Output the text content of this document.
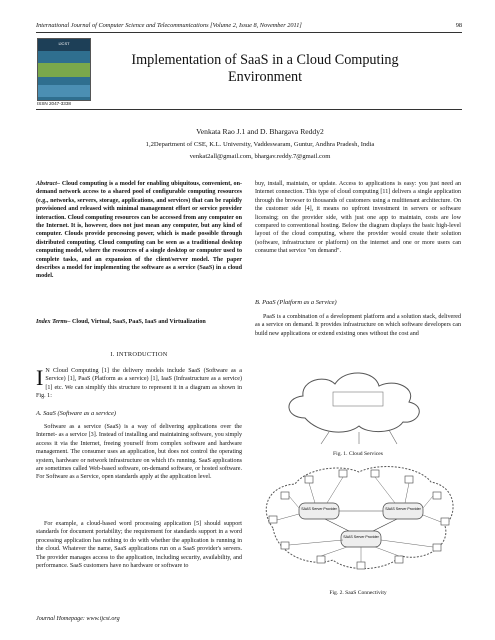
International Journal of Computer Science and Telecommunications [Volume 2, Issue 8, November 2011]	98
IJCST
ISSN 2047-3338
Implementation of SaaS in a Cloud Computing Environment
Venkata Rao J.1 and D. Bhargava Reddy2
1,2Department of CSE, K.L. University, Vaddeswaram, Guntur, Andhra Pradesh, India
venkat2all@gmail.com, bhargav.reddy.7@gmail.com
Abstract– Cloud computing is a model for enabling ubiquitous, convenient, on-demand network access to a shared pool of configurable computing resources (e.g., networks, servers, storage, applications, and services) that can be rapidly provisioned and released with minimal management effort or service provider interaction. Cloud computing resources can be accessed from any computer on the Internet. It is, however, does not just mean any computer, but any kind of computer. Clouds provide processing power, which is made possible through distributed computing. Cloud computing can be seen as a traditional desktop computing model, where the resources of a single desktop or computer used to complete tasks, and an expansion of the client/server model. The paper describes a model for implementing the software as a service (SaaS) in a cloud model.
Index Terms– Cloud, Virtual, SaaS, PaaS, IaaS and Virtualization
I. INTRODUCTION
I N Cloud Computing [1] the delivery models include SaaS (Software as a Service) [1], PaaS (Platform as a service) [1], IaaS (Infrastructure as a service) [1] etc. We can simplify this structure to represent it in a diagram as shown in Fig. 1:
A. SaaS (Software as a service)
Software as a service (SaaS) is a way of delivering applications over the Internet- as a service [3]. Instead of installing and maintaining software, you simply access it via the Internet, freeing yourself from complex software and hardware management. The consumer uses an application, but does not control the operating system, hardware or network infrastructure on which it's running. SaaS applications are sometimes called Web-based software, on-demand software, or hosted software. For Software as a Service, open standards apply at the application level.
For example, a cloud-based word processing application [5] should support standards for document portability; the requirement for standards support in a word processing application has nothing to do with whether the application is running in the cloud. Whatever the name, SaaS applications run on a SaaS provider's servers. The provider manages access to the application, including security, availability, and performance. SaaS customers have no hardware or software to
buy, install, maintain, or update. Access to applications is easy: you just need an Internet connection. This type of cloud computing [11] delivers a single application through the browser to thousands of customers using a multitenant architecture. On the customer side [4], it means no upfront investment in servers or software licensing; on the provider side, with just one app to maintain, costs are low compared to conventional hosting. Below the diagram displays the basic high-level layout of the cloud computing, where the provider would create their solution (software, infrastructure or platform) on the internet and one or more users can consume that service "on demand".
B. PaaS (Platform as a Service)
PaaS is a combination of a development platform and a solution stack, delivered as a service on demand. It provides infrastructure on which software developers can build new applications or extend existing ones without the cost and
SAAS Server Provider	SAAS Server Provider
SAAS Server Provider
Fig. 1. Cloud Services
Fig. 2. SaaS Connectivity
Journal Homepage: www.ijcst.org
